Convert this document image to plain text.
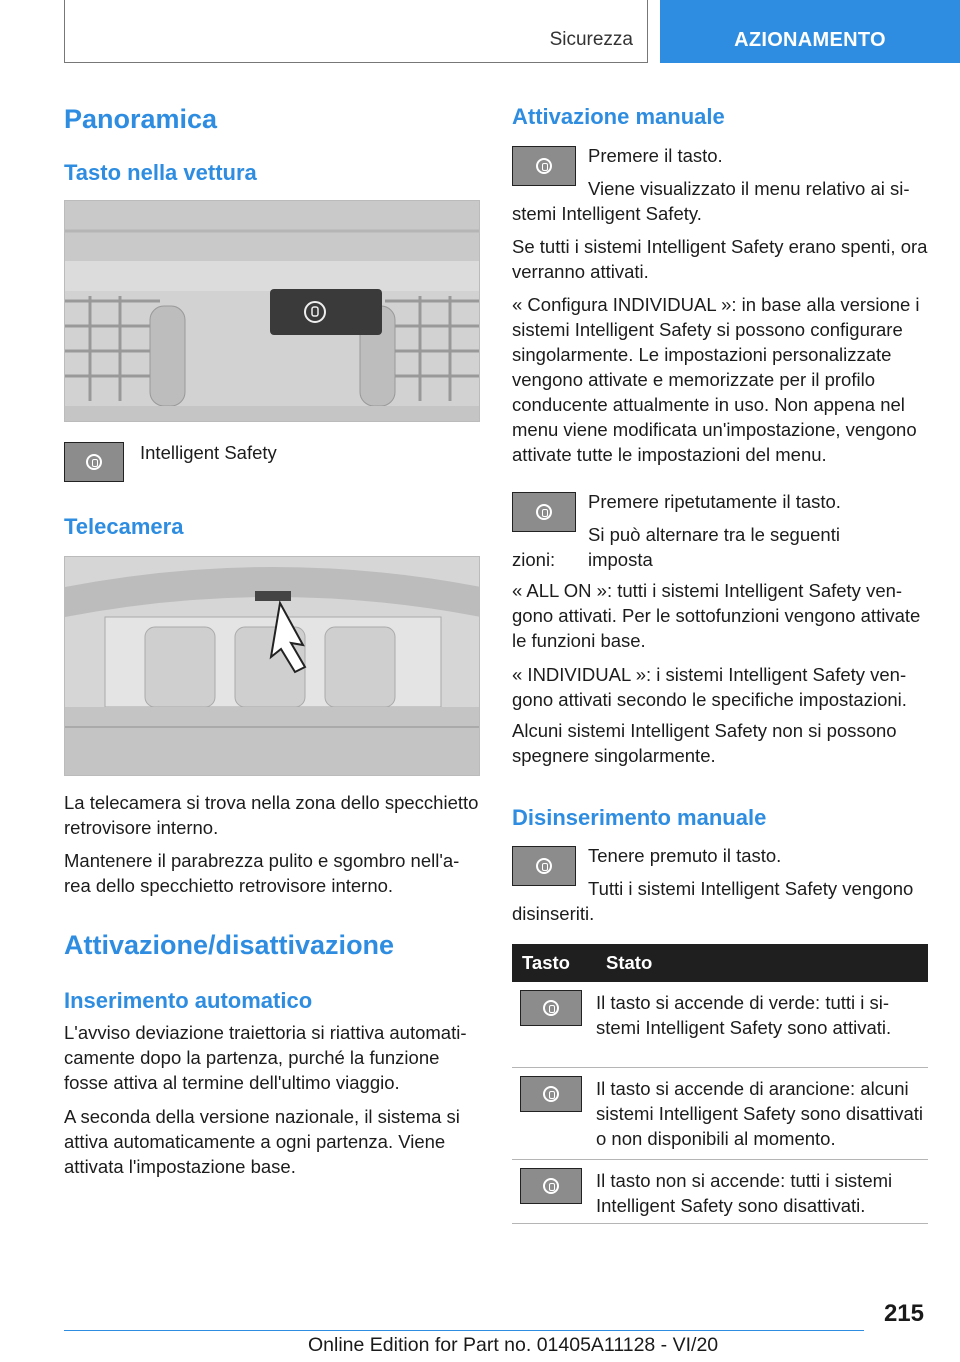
Sicurezza	AZIONAMENTO
Panoramica
Tasto nella vettura

Intelligent Safety

Telecamera

La telecamera si trova nella zona dello specchietto retrovisore interno.

Mantenere il parabrezza pulito e sgombro nell'area dello specchietto retrovisore interno.

Attivazione/disattivazione
Inserimento automatico

L'avviso deviazione traiettoria si riattiva automaticamente dopo la partenza, purché la funzione fosse attiva al termine dell'ultimo viaggio.

A seconda della versione nazionale, il sistema si attiva automaticamente a ogni partenza. Viene attivata l'impostazione base.

Attivazione manuale

Premere il tasto.

Viene visualizzato il menu relativo ai sistemi Intelligent Safety.

Se tutti i sistemi Intelligent Safety erano spenti, ora verranno attivati.

« Configura INDIVIDUAL »: in base alla versione i sistemi Intelligent Safety si possono configurare singolarmente. Le impostazioni personalizzate vengono attivate e memorizzate per il profilo conducente attualmente in uso. Non appena nel menu viene modificata un'impostazione, vengono attivate tutte le impostazioni del menu.

Premere ripetutamente il tasto.

Si può alternare tra le seguenti imposta

zioni:

« ALL ON »: tutti i sistemi Intelligent Safety vengono attivati. Per le sottofunzioni vengono attivate le funzioni base.

« INDIVIDUAL »: i sistemi Intelligent Safety vengono attivati secondo le specifiche impostazioni.

Alcuni sistemi Intelligent Safety non si possono spegnere singolarmente.

Disinserimento manuale

Tenere premuto il tasto.

Tutti i sistemi Intelligent Safety vengono

disinseriti.

Tasto	Stato

Il tasto si accende di verde: tutti i sistemi Intelligent Safety sono attivati.

Il tasto si accende di arancione: alcuni sistemi Intelligent Safety sono disattivati o non disponibili al momento.

Il tasto non si accende: tutti i sistemi Intelligent Safety sono disattivati.

215
Online Edition for Part no. 01405A11128 - VI/20
